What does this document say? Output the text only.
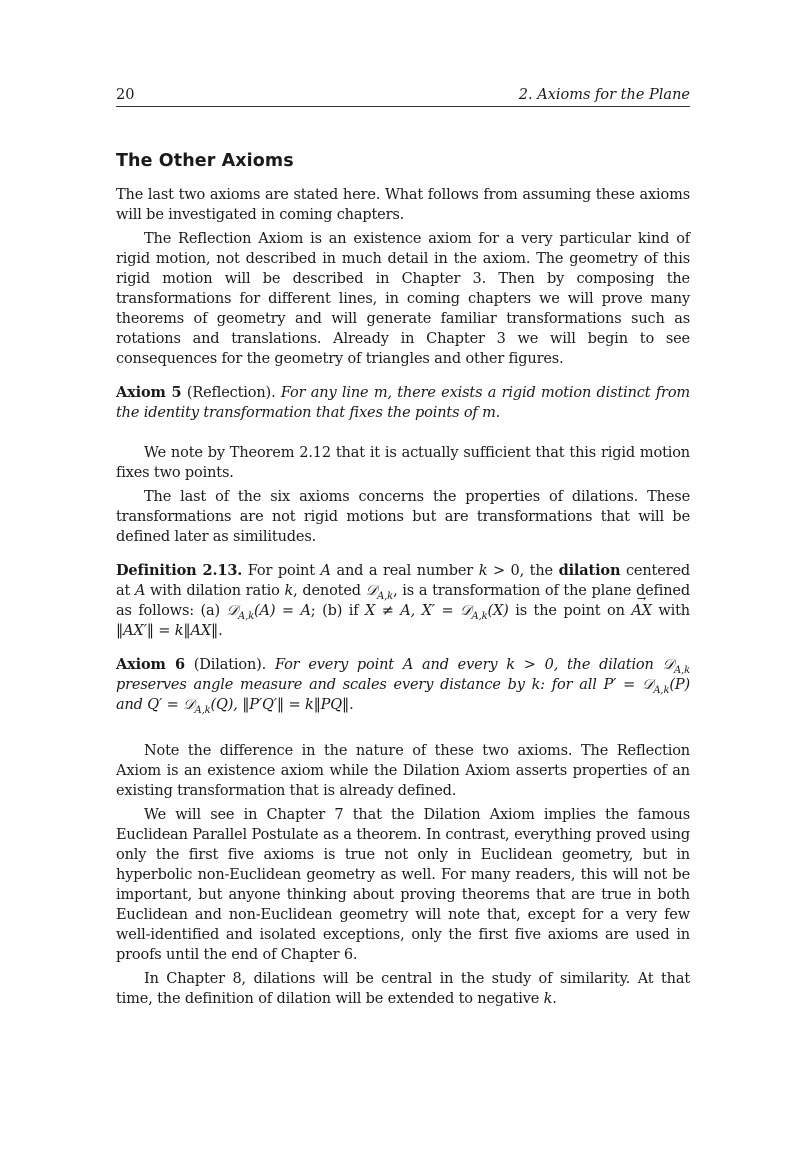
20	2. Axioms for the Plane
The Other Axioms

The last two axioms are stated here. What follows from assuming these axioms will be investigated in coming chapters.

The Reflection Axiom is an existence axiom for a very particular kind of rigid motion, not described in much detail in the axiom. The geometry of this rigid motion will be described in Chapter 3. Then by composing the transformations for different lines, in coming chapters we will prove many theorems of geometry and will generate familiar transformations such as rotations and translations. Already in Chapter 3 we will begin to see consequences for the geometry of triangles and other figures.

Axiom 5 (Reflection). For any line m, there exists a rigid motion distinct from the identity transformation that fixes the points of m.

We note by Theorem 2.12 that it is actually sufficient that this rigid motion fixes two points.

The last of the six axioms concerns the properties of dilations. These transformations are not rigid motions but are transformations that will be defined later as similitudes.

Definition 2.13. For point A and a real number k > 0, the dilation centered at A with dilation ratio k, denoted 𝒟$_{A,k}$, is a transformation of the plane defined as follows: (a) 𝒟$_{A,k}$(A) = A; (b) if X ≠ A, X′ = 𝒟$_{A,k}$(X) is the point on → AX with ‖AX′‖ = k‖AX‖.

Axiom 6 (Dilation). For every point A and every k > 0, the dilation 𝒟$_{A,k}$ preserves angle measure and scales every distance by k: for all P′ = 𝒟$_{A,k}$(P) and Q′ = 𝒟$_{A,k}$(Q), ‖P′Q′‖ = k‖PQ‖.

Note the difference in the nature of these two axioms. The Reflection Axiom is an existence axiom while the Dilation Axiom asserts properties of an existing transformation that is already defined.

We will see in Chapter 7 that the Dilation Axiom implies the famous Euclidean Parallel Postulate as a theorem. In contrast, everything proved using only the first five axioms is true not only in Euclidean geometry, but in hyperbolic non-Euclidean geometry as well. For many readers, this will not be important, but anyone thinking about proving theorems that are true in both Euclidean and non-Euclidean geometry will note that, except for a very few well-identified and isolated exceptions, only the first five axioms are used in proofs until the end of Chapter 6.

In Chapter 8, dilations will be central in the study of similarity. At that time, the definition of dilation will be extended to negative k.
